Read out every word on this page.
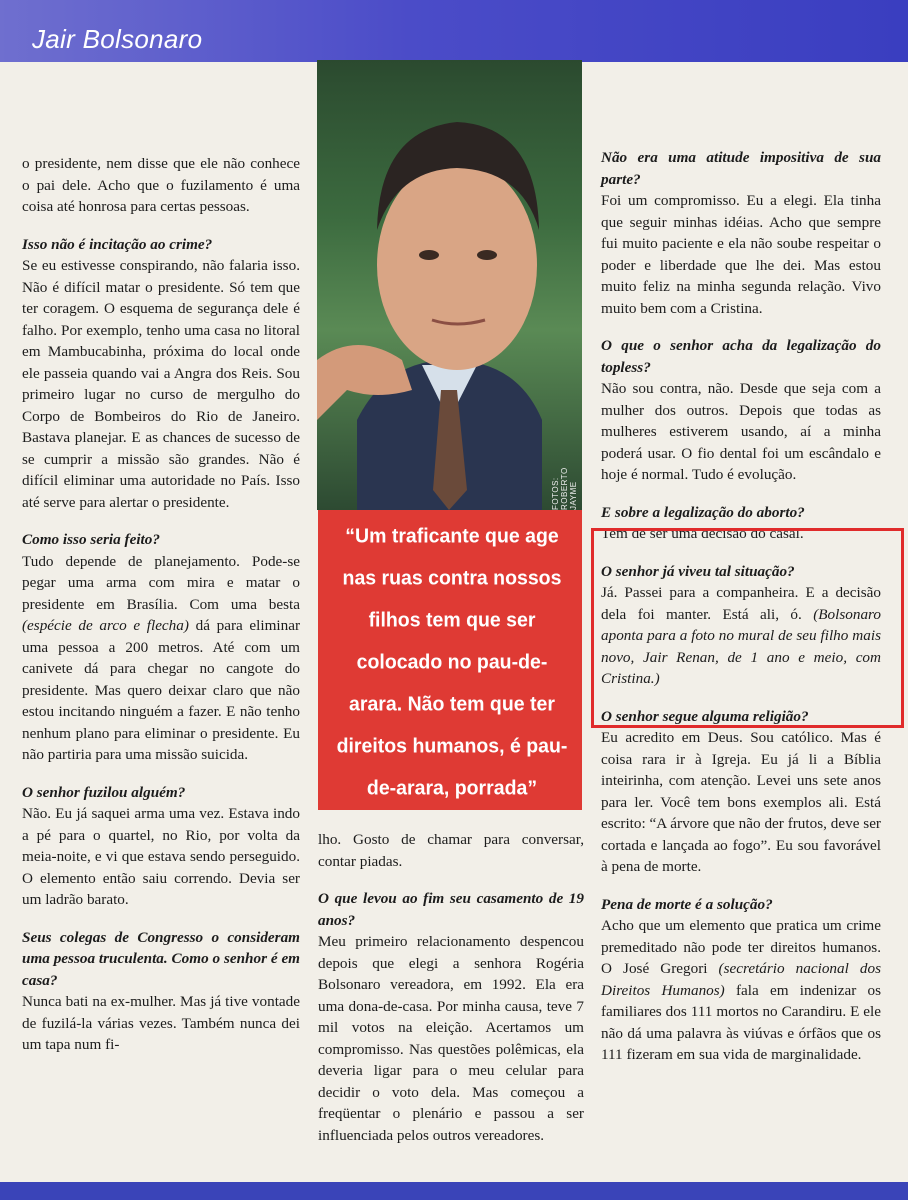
Jair Bolsonaro

o presidente, nem disse que ele não conhece o pai dele. Acho que o fuzilamento é uma coisa até honrosa para certas pessoas.

Isso não é incitação ao crime?

Se eu estivesse conspirando, não falaria isso. Não é difícil matar o presidente. Só tem que ter coragem. O esquema de segurança dele é falho. Por exemplo, tenho uma casa no litoral em Mambucabinha, próxima do local onde ele passeia quando vai a Angra dos Reis. Sou primeiro lugar no curso de mergulho do Corpo de Bombeiros do Rio de Janeiro. Bastava planejar. E as chances de sucesso de se cumprir a missão são grandes. Não é difícil eliminar uma autoridade no País. Isso até serve para alertar o presidente.

Como isso seria feito?

Tudo depende de planejamento. Pode-se pegar uma arma com mira e matar o presidente em Brasília. Com uma besta (espécie de arco e flecha) dá para eliminar uma pessoa a 200 metros. Até com um canivete dá para chegar no cangote do presidente. Mas quero deixar claro que não estou incitando ninguém a fazer. E não tenho nenhum plano para eliminar o presidente. Eu não partiria para uma missão suicida.

O senhor fuzilou alguém?

Não. Eu já saquei arma uma vez. Estava indo a pé para o quartel, no Rio, por volta da meia-noite, e vi que estava sendo perseguido. O elemento então saiu correndo. Devia ser um ladrão barato.

Seus colegas de Congresso o consideram uma pessoa truculenta. Como o senhor é em casa?

Nunca bati na ex-mulher. Mas já tive vontade de fuzilá-la várias vezes. Também nunca dei um tapa num fi-

FOTOS: ROBERTO JAYME
“Um traficante que age nas ruas contra nossos filhos tem que ser colocado no pau-de-arara. Não tem que ter direitos humanos, é pau-de-arara, porrada”

lho. Gosto de chamar para conversar, contar piadas.

O que levou ao fim seu casamento de 19 anos?

Meu primeiro relacionamento despencou depois que elegi a senhora Rogéria Bolsonaro vereadora, em 1992. Ela era uma dona-de-casa. Por minha causa, teve 7 mil votos na eleição. Acertamos um compromisso. Nas questões polêmicas, ela deveria ligar para o meu celular para decidir o voto dela. Mas começou a freqüentar o plenário e passou a ser influenciada pelos outros vereadores.

Não era uma atitude impositiva de sua parte?

Foi um compromisso. Eu a elegi. Ela tinha que seguir minhas idéias. Acho que sempre fui muito paciente e ela não soube respeitar o poder e liberdade que lhe dei. Mas estou muito feliz na minha segunda relação. Vivo muito bem com a Cristina.

O que o senhor acha da legalização do topless?

Não sou contra, não. Desde que seja com a mulher dos outros. Depois que todas as mulheres estiverem usando, aí a minha poderá usar. O fio dental foi um escândalo e hoje é normal. Tudo é evolução.

E sobre a legalização do aborto?

Tem de ser uma decisão do casal.

O senhor já viveu tal situação?

Já. Passei para a companheira. E a decisão dela foi manter. Está ali, ó. (Bolsonaro aponta para a foto no mural de seu filho mais novo, Jair Renan, de 1 ano e meio, com Cristina.)

O senhor segue alguma religião?

Eu acredito em Deus. Sou católico. Mas é coisa rara ir à Igreja. Eu já li a Bíblia inteirinha, com atenção. Levei uns sete anos para ler. Você tem bons exemplos ali. Está escrito: “A árvore que não der frutos, deve ser cortada e lançada ao fogo”. Eu sou favorável à pena de morte.

Pena de morte é a solução?

Acho que um elemento que pratica um crime premeditado não pode ter direitos humanos. O José Gregori (secretário nacional dos Direitos Humanos) fala em indenizar os familiares dos 111 mortos no Carandiru. E ele não dá uma palavra às viúvas e órfãos que os 111 fizeram em sua vida de marginalidade.
